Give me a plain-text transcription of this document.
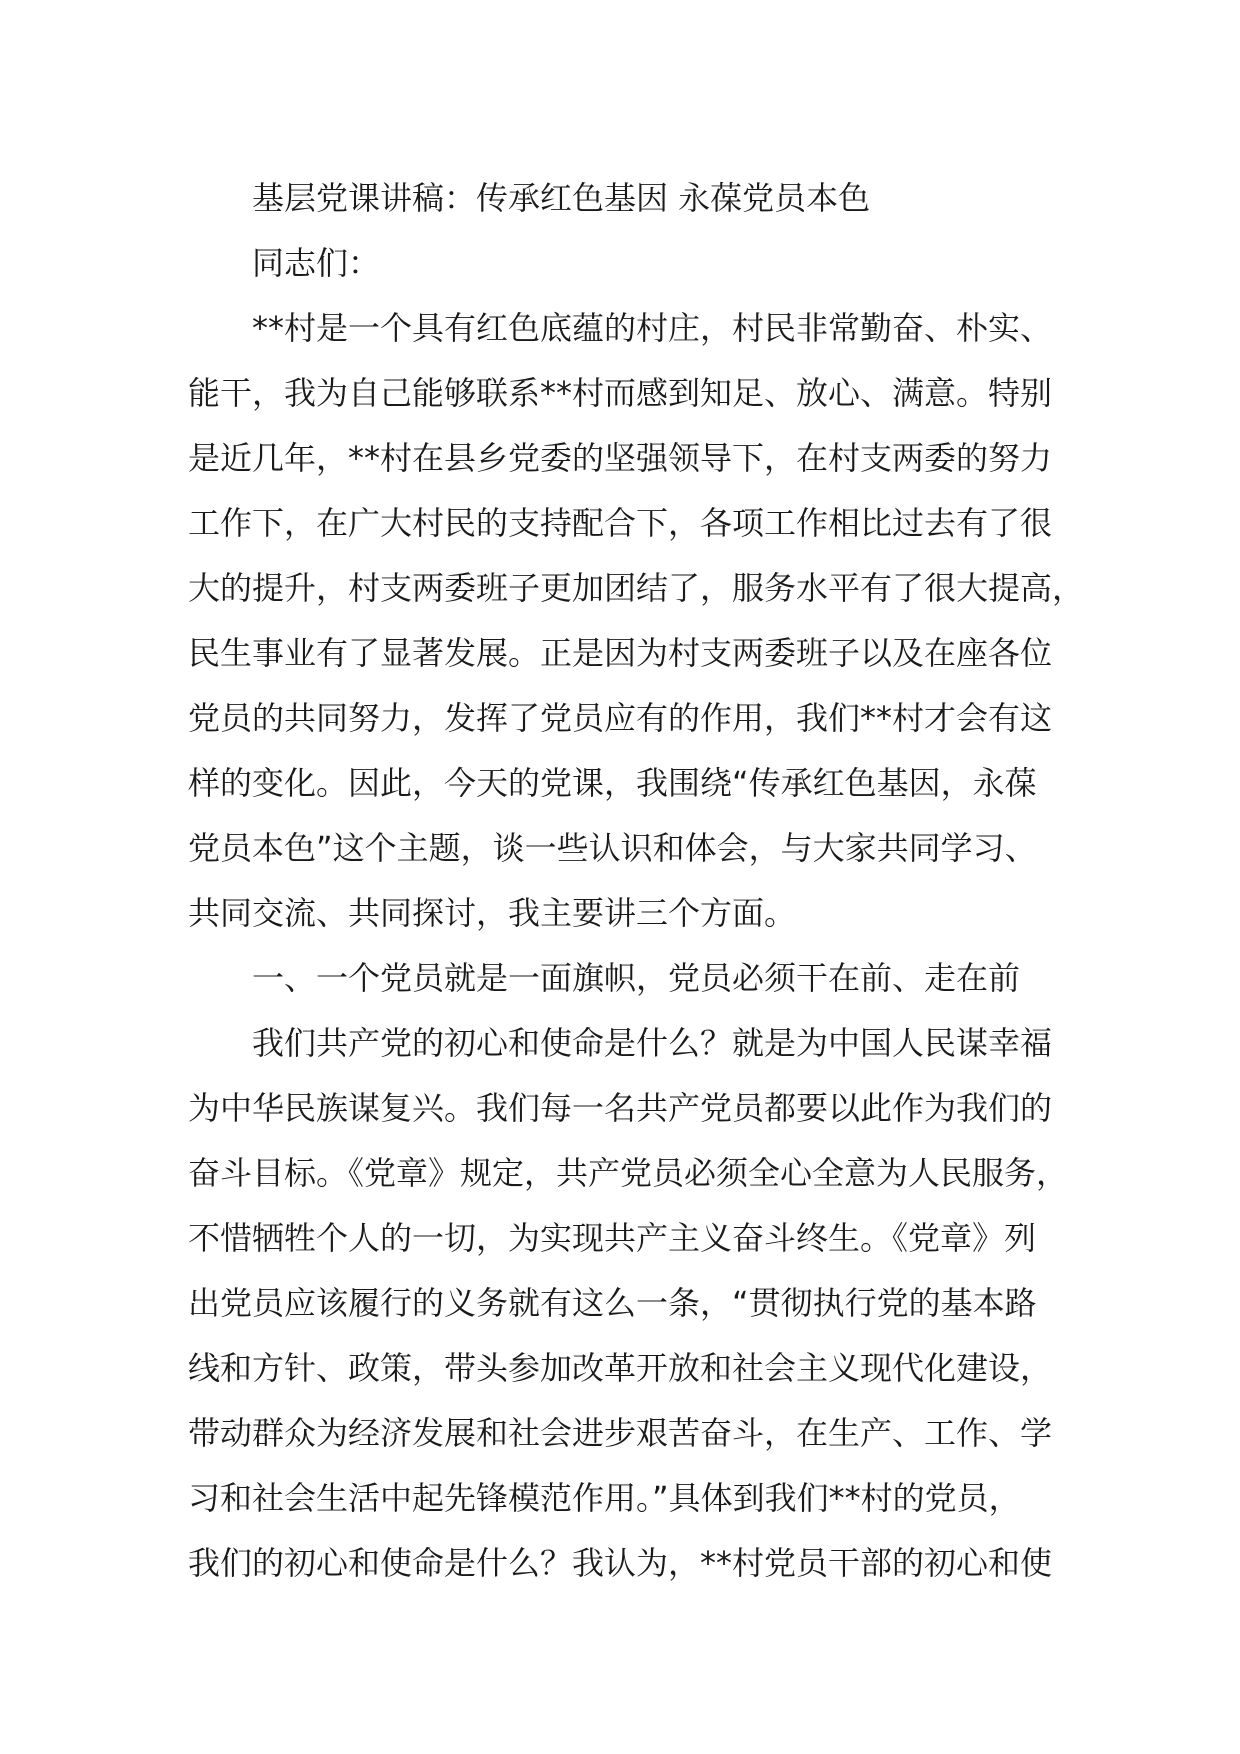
基层党课讲稿：传承红色基因 永葆党员本色
同志们：
**村是一个具有红色底蕴的村庄，村民非常勤奋、朴实、
能干，我为自己能够联系**村而感到知足、放心、满意。特别
是近几年，**村在县乡党委的坚强领导下，在村支两委的努力
工作下，在广大村民的支持配合下，各项工作相比过去有了很
大的提升，村支两委班子更加团结了，服务水平有了很大提高，
民生事业有了显著发展。正是因为村支两委班子以及在座各位
党员的共同努力，发挥了党员应有的作用，我们**村才会有这
样的变化。因此，今天的党课，我围绕“传承红色基因，永葆
党员本色”这个主题，谈一些认识和体会，与大家共同学习、
共同交流、共同探讨，我主要讲三个方面。
一、一个党员就是一面旗帜，党员必须干在前、走在前
我们共产党的初心和使命是什么？就是为中国人民谋幸福
为中华民族谋复兴。我们每一名共产党员都要以此作为我们的
奋斗目标。《党章》规定，共产党员必须全心全意为人民服务，
不惜牺牲个人的一切，为实现共产主义奋斗终生。《党章》列
出党员应该履行的义务就有这么一条，“贯彻执行党的基本路
线和方针、政策，带头参加改革开放和社会主义现代化建设，
带动群众为经济发展和社会进步艰苦奋斗，在生产、工作、学
习和社会生活中起先锋模范作用。”具体到我们**村的党员，
我们的初心和使命是什么？我认为，**村党员干部的初心和使
